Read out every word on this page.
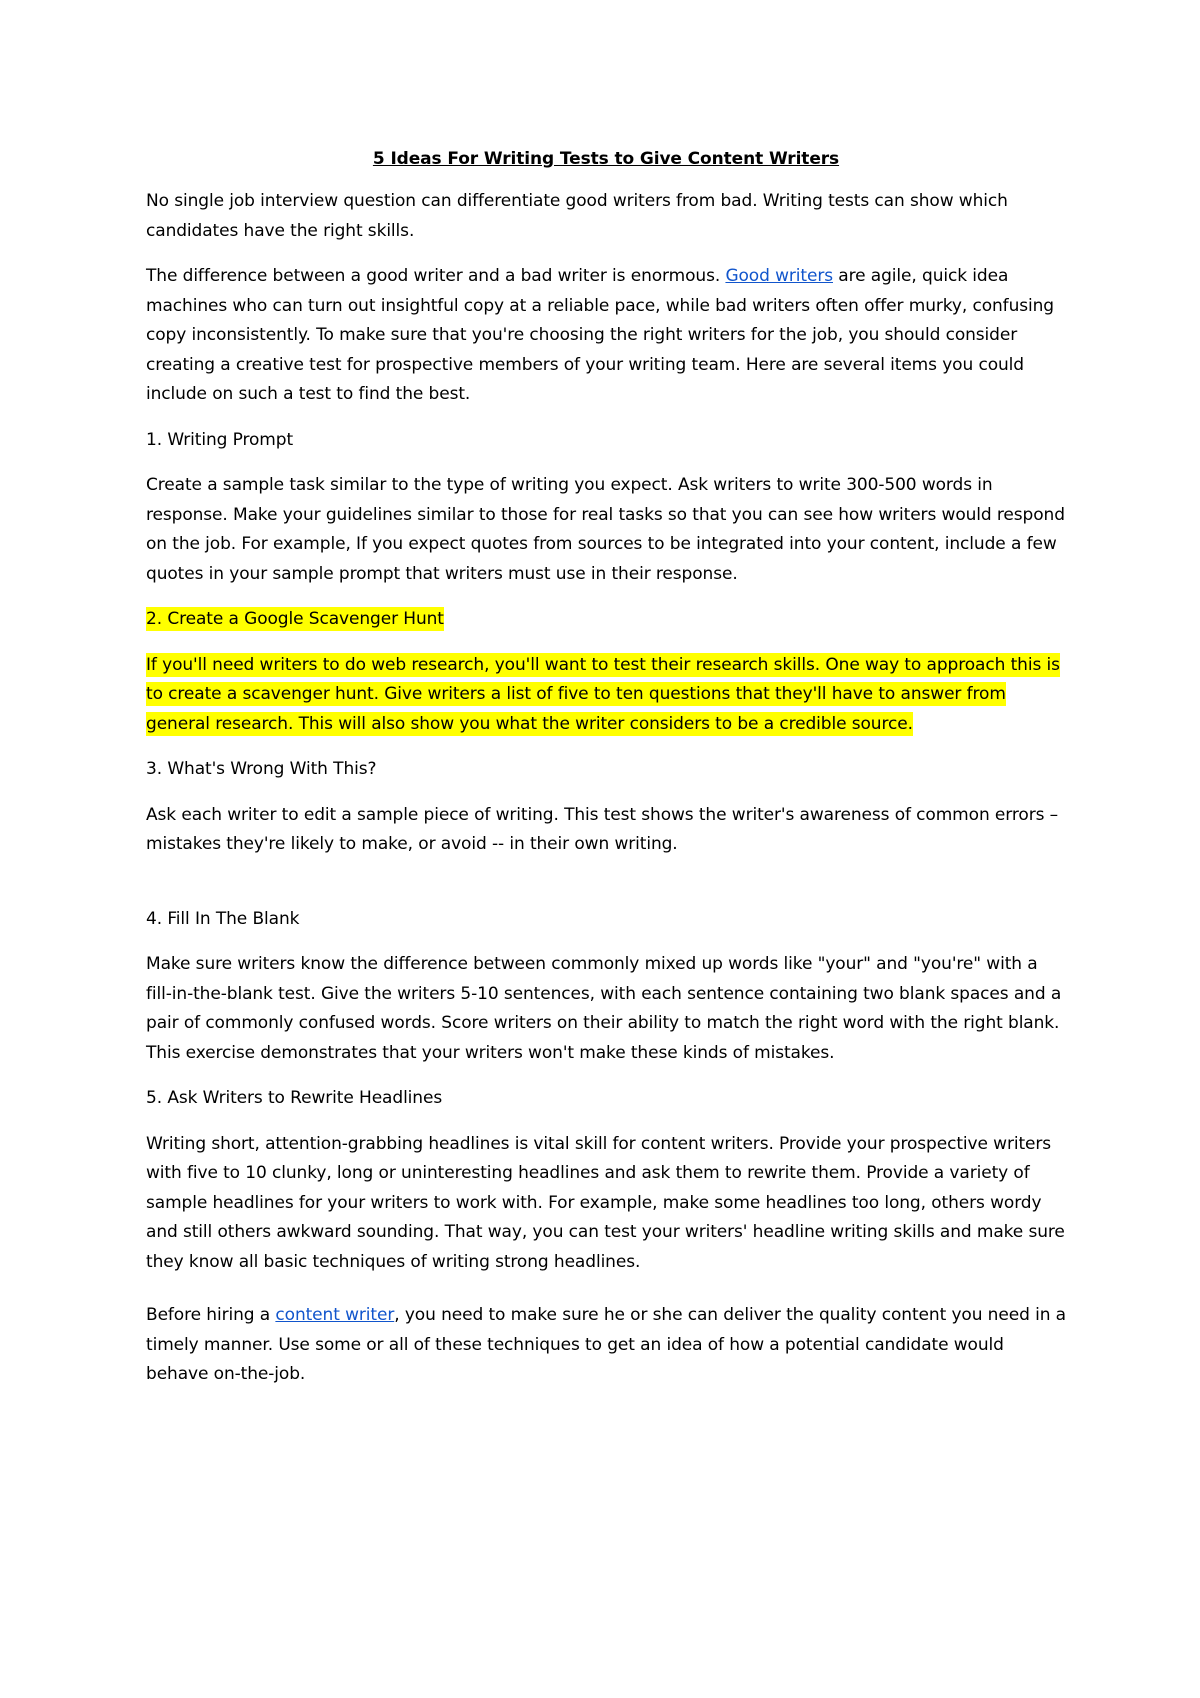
5 Ideas For Writing Tests to Give Content Writers

No single job interview question can differentiate good writers from bad. Writing tests can show which candidates have the right skills.

The difference between a good writer and a bad writer is enormous. Good writers are agile, quick idea machines who can turn out insightful copy at a reliable pace, while bad writers often offer murky, confusing copy inconsistently. To make sure that you're choosing the right writers for the job, you should consider creating a creative test for prospective members of your writing team. Here are several items you could include on such a test to find the best.

1. Writing Prompt

Create a sample task similar to the type of writing you expect. Ask writers to write 300-500 words in response. Make your guidelines similar to those for real tasks so that you can see how writers would respond on the job. For example, If you expect quotes from sources to be integrated into your content, include a few quotes in your sample prompt that writers must use in their response.

2. Create a Google Scavenger Hunt

If you'll need writers to do web research, you'll want to test their research skills. One way to approach this is to create a scavenger hunt. Give writers a list of five to ten questions that they'll have to answer from general research. This will also show you what the writer considers to be a credible source.

3. What's Wrong With This?

Ask each writer to edit a sample piece of writing. This test shows the writer's awareness of common errors – mistakes they're likely to make, or avoid -- in their own writing.

4. Fill In The Blank

Make sure writers know the difference between commonly mixed up words like "your" and "you're" with a fill-in-the-blank test. Give the writers 5-10 sentences, with each sentence containing two blank spaces and a pair of commonly confused words. Score writers on their ability to match the right word with the right blank. This exercise demonstrates that your writers won't make these kinds of mistakes.

5. Ask Writers to Rewrite Headlines

Writing short, attention-grabbing headlines is vital skill for content writers. Provide your prospective writers with five to 10 clunky, long or uninteresting headlines and ask them to rewrite them. Provide a variety of sample headlines for your writers to work with. For example, make some headlines too long, others wordy and still others awkward sounding. That way, you can test your writers' headline writing skills and make sure they know all basic techniques of writing strong headlines.

Before hiring a content writer, you need to make sure he or she can deliver the quality content you need in a timely manner. Use some or all of these techniques to get an idea of how a potential candidate would behave on-the-job.
